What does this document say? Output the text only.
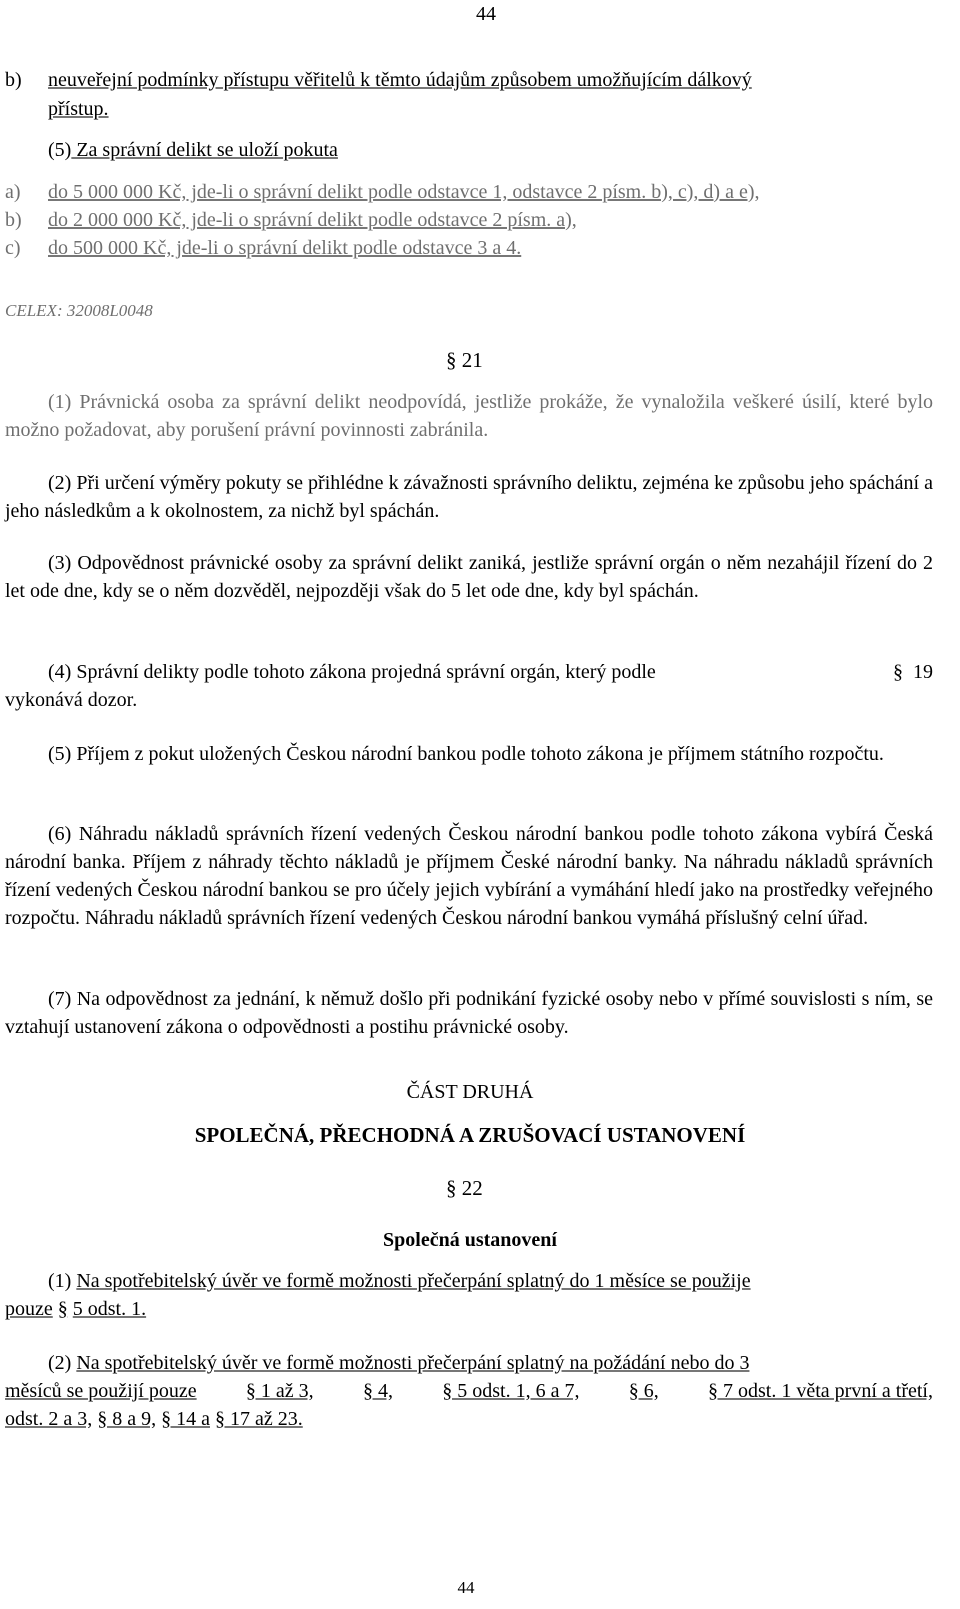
44
b)	neuveřejní podmínky přístupu věřitelů k těmto údajům způsobem umožňujícím dálkový
přístup.
(5) Za správní delikt se uloží pokuta
a)	do 5 000 000 Kč, jde-li o správní delikt podle odstavce 1, odstavce 2 písm. b), c), d) a e),
b)	do 2 000 000 Kč, jde-li o správní delikt podle odstavce 2 písm. a),
c)	do 500 000 Kč, jde-li o správní delikt podle odstavce 3 a 4.
CELEX: 32008L0048
§ 21
(1) Právnická osoba za správní delikt neodpovídá, jestliže prokáže, že vynaložila veškeré úsilí, které bylo možno požadovat, aby porušení právní povinnosti zabránila.
(2) Při určení výměry pokuty se přihlédne k závažnosti správního deliktu, zejména ke způsobu jeho spáchání a jeho následkům a k okolnostem, za nichž byl spáchán.
(3) Odpovědnost právnické osoby za správní delikt zaniká, jestliže správní orgán o něm nezahájil řízení do 2 let ode dne, kdy se o něm dozvěděl, nejpozději však do 5 let ode dne, kdy byl spáchán.
(4) Správní delikty podle tohoto zákona projedná správní orgán, který podle	§ 19
vykonává dozor.
(5) Příjem z pokut uložených Českou národní bankou podle tohoto zákona je příjmem státního rozpočtu.
(6) Náhradu nákladů správních řízení vedených Českou národní bankou podle tohoto zákona vybírá Česká národní banka. Příjem z náhrady těchto nákladů je příjmem České národní banky. Na náhradu nákladů správních řízení vedených Českou národní bankou se pro účely jejich vybírání a vymáhání hledí jako na prostředky veřejného rozpočtu. Náhradu nákladů správních řízení vedených Českou národní bankou vymáhá příslušný celní úřad.
(7) Na odpovědnost za jednání, k němuž došlo při podnikání fyzické osoby nebo v přímé souvislosti s ním, se vztahují ustanovení zákona o odpovědnosti a postihu právnické osoby.
ČÁST DRUHÁ
SPOLEČNÁ, PŘECHODNÁ A ZRUŠOVACÍ USTANOVENÍ
§ 22
Společná ustanovení
(1) Na spotřebitelský úvěr ve formě možnosti přečerpání splatný do 1 měsíce se použije
pouze § 5 odst. 1.
(2) Na spotřebitelský úvěr ve formě možnosti přečerpání splatný na požádání nebo do 3
měsíců se použijí pouze § 1 až 3, § 4, § 5 odst. 1, 6 a 7, § 6, § 7 odst. 1 věta první a třetí,
odst. 2 a 3, § 8 a 9, § 14 a § 17 až 23.
44
